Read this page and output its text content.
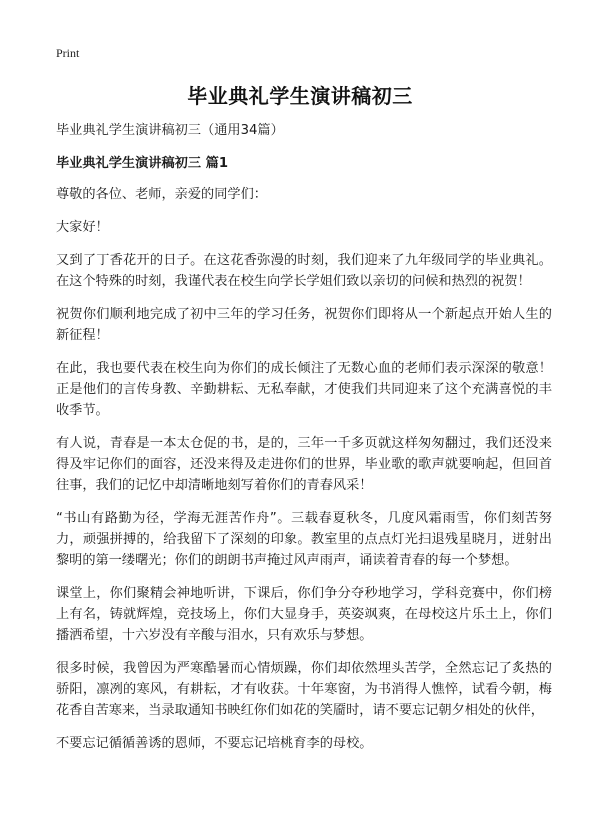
Print
毕业典礼学生演讲稿初三

毕业典礼学生演讲稿初三（通用34篇）

毕业典礼学生演讲稿初三 篇1

尊敬的各位、老师，亲爱的同学们：

大家好！

又到了丁香花开的日子。在这花香弥漫的时刻，我们迎来了九年级同学的毕业典礼。在这个特殊的时刻，我谨代表在校生向学长学姐们致以亲切的问候和热烈的祝贺！

祝贺你们顺利地完成了初中三年的学习任务，祝贺你们即将从一个新起点开始人生的新征程！

在此，我也要代表在校生向为你们的成长倾注了无数心血的老师们表示深深的敬意！正是他们的言传身教、辛勤耕耘、无私奉献，才使我们共同迎来了这个充满喜悦的丰收季节。

有人说，青春是一本太仓促的书，是的，三年一千多页就这样匆匆翻过，我们还没来得及牢记你们的面容，还没来得及走进你们的世界，毕业歌的歌声就要响起，但回首往事，我们的记忆中却清晰地刻写着你们的青春风采！

“书山有路勤为径，学海无涯苦作舟”。三载春夏秋冬，几度风霜雨雪，你们刻苦努力，顽强拼搏的，给我留下了深刻的印象。教室里的点点灯光扫退残星晓月，迸射出黎明的第一缕曙光；你们的朗朗书声掩过风声雨声，诵读着青春的每一个梦想。

课堂上，你们聚精会神地听讲，下课后，你们争分夺秒地学习，学科竞赛中，你们榜上有名，铸就辉煌，竞技场上，你们大显身手，英姿飒爽，在母校这片乐土上，你们播洒希望，十六岁没有辛酸与泪水，只有欢乐与梦想。

很多时候，我曾因为严寒酷暑而心情烦躁，你们却依然埋头苦学，全然忘记了炙热的骄阳，凛冽的寒风，有耕耘，才有收获。十年寒窗，为书消得人憔悴，试看今朝，梅花香自苦寒来，当录取通知书映红你们如花的笑靥时，请不要忘记朝夕相处的伙伴，

不要忘记循循善诱的恩师，不要忘记培桃育李的母校。
